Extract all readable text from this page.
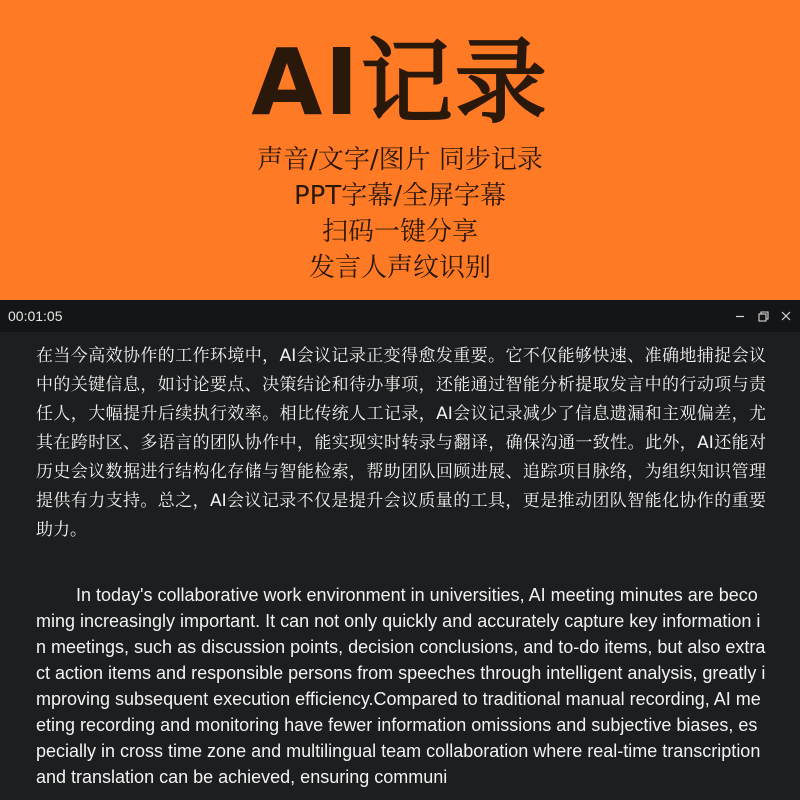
AI记录
声音/文字/图片 同步记录
PPT字幕/全屏字幕
扫码一键分享
发言人声纹识别
00:01:05

在当今高效协作的工作环境中，AI会议记录正变得愈发重要。它不仅能够快速、准确地捕捉会议中的关键信息，如讨论要点、决策结论和待办事项，还能通过智能分析提取发言中的行动项与责任人，大幅提升后续执行效率。相比传统人工记录，AI会议记录减少了信息遗漏和主观偏差，尤其在跨时区、多语言的团队协作中，能实现实时转录与翻译，确保沟通一致性。此外，AI还能对历史会议数据进行结构化存储与智能检索，帮助团队回顾进展、追踪项目脉络，为组织知识管理提供有力支持。总之，AI会议记录不仅是提升会议质量的工具，更是推动团队智能化协作的重要助力。

In today's collaborative work environment in universities, AI meeting minutes are becoming increasingly important. It can not only quickly and accurately capture key information in meetings, such as discussion points, decision conclusions, and to-do items, but also extract action items and responsible persons from speeches through intelligent analysis, greatly improving subsequent execution efficiency.Compared to traditional manual recording, AI meeting recording and monitoring have fewer information omissions and subjective biases, especially in cross time zone and multilingual team collaboration where real-time transcription and translation can be achieved, ensuring communi
